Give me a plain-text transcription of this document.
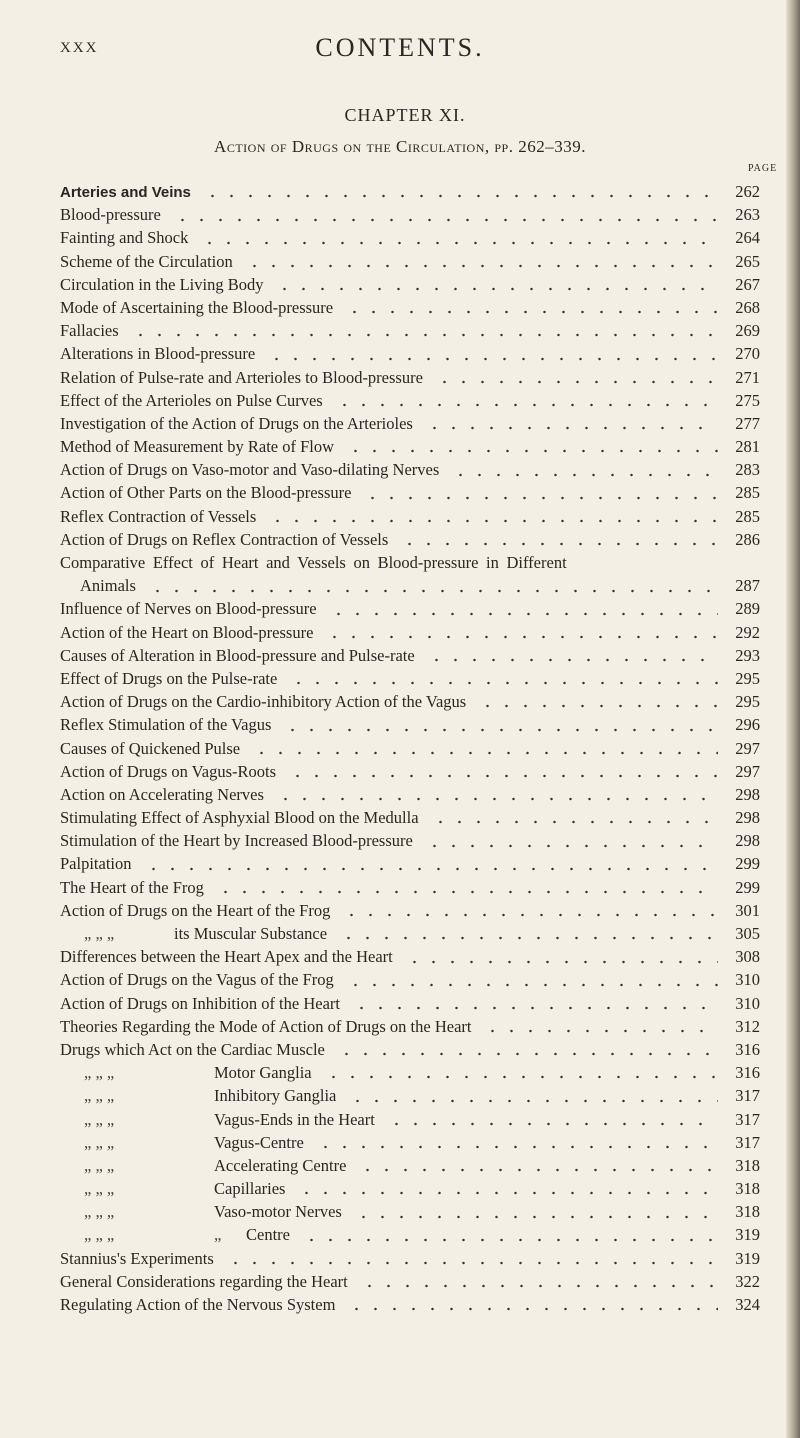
XXX	CONTENTS.
CHAPTER XI.
Action of Drugs on the Circulation, pp. 262–339.
PAGE
Arteries and Veins	262
Blood-pressure	263
Fainting and Shock	264
Scheme of the Circulation	265
Circulation in the Living Body	267
Mode of Ascertaining the Blood-pressure	268
Fallacies	269
Alterations in Blood-pressure	270
Relation of Pulse-rate and Arterioles to Blood-pressure	271
Effect of the Arterioles on Pulse Curves	275
Investigation of the Action of Drugs on the Arterioles	277
Method of Measurement by Rate of Flow	281
Action of Drugs on Vaso-motor and Vaso-dilating Nerves	283
Action of Other Parts on the Blood-pressure	285
Reflex Contraction of Vessels	285
Action of Drugs on Reflex Contraction of Vessels	286
Comparative Effect of Heart and Vessels on Blood-pressure in Different
Animals	287
Influence of Nerves on Blood-pressure	289
Action of the Heart on Blood-pressure	292
Causes of Alteration in Blood-pressure and Pulse-rate	293
Effect of Drugs on the Pulse-rate	295
Action of Drugs on the Cardio-inhibitory Action of the Vagus	295
Reflex Stimulation of the Vagus	296
Causes of Quickened Pulse	297
Action of Drugs on Vagus-Roots	297
Action on Accelerating Nerves	298
Stimulating Effect of Asphyxial Blood on the Medulla	298
Stimulation of the Heart by Increased Blood-pressure	298
Palpitation	299
The Heart of the Frog	299
Action of Drugs on the Heart of the Frog	301
„ „ „	its Muscular Substance	305
Differences between the Heart Apex and the Heart	308
Action of Drugs on the Vagus of the Frog	310
Action of Drugs on Inhibition of the Heart	310
Theories Regarding the Mode of Action of Drugs on the Heart	312
Drugs which Act on the Cardiac Muscle	316
„ „ „	Motor Ganglia	316
„ „ „	Inhibitory Ganglia	317
„ „ „	Vagus-Ends in the Heart	317
„ „ „	Vagus-Centre	317
„ „ „	Accelerating Centre	318
„ „ „	Capillaries	318
„ „ „	Vaso-motor Nerves	318
„ „ „	„ Centre	319
Stannius's Experiments	319
General Considerations regarding the Heart	322
Regulating Action of the Nervous System	324
